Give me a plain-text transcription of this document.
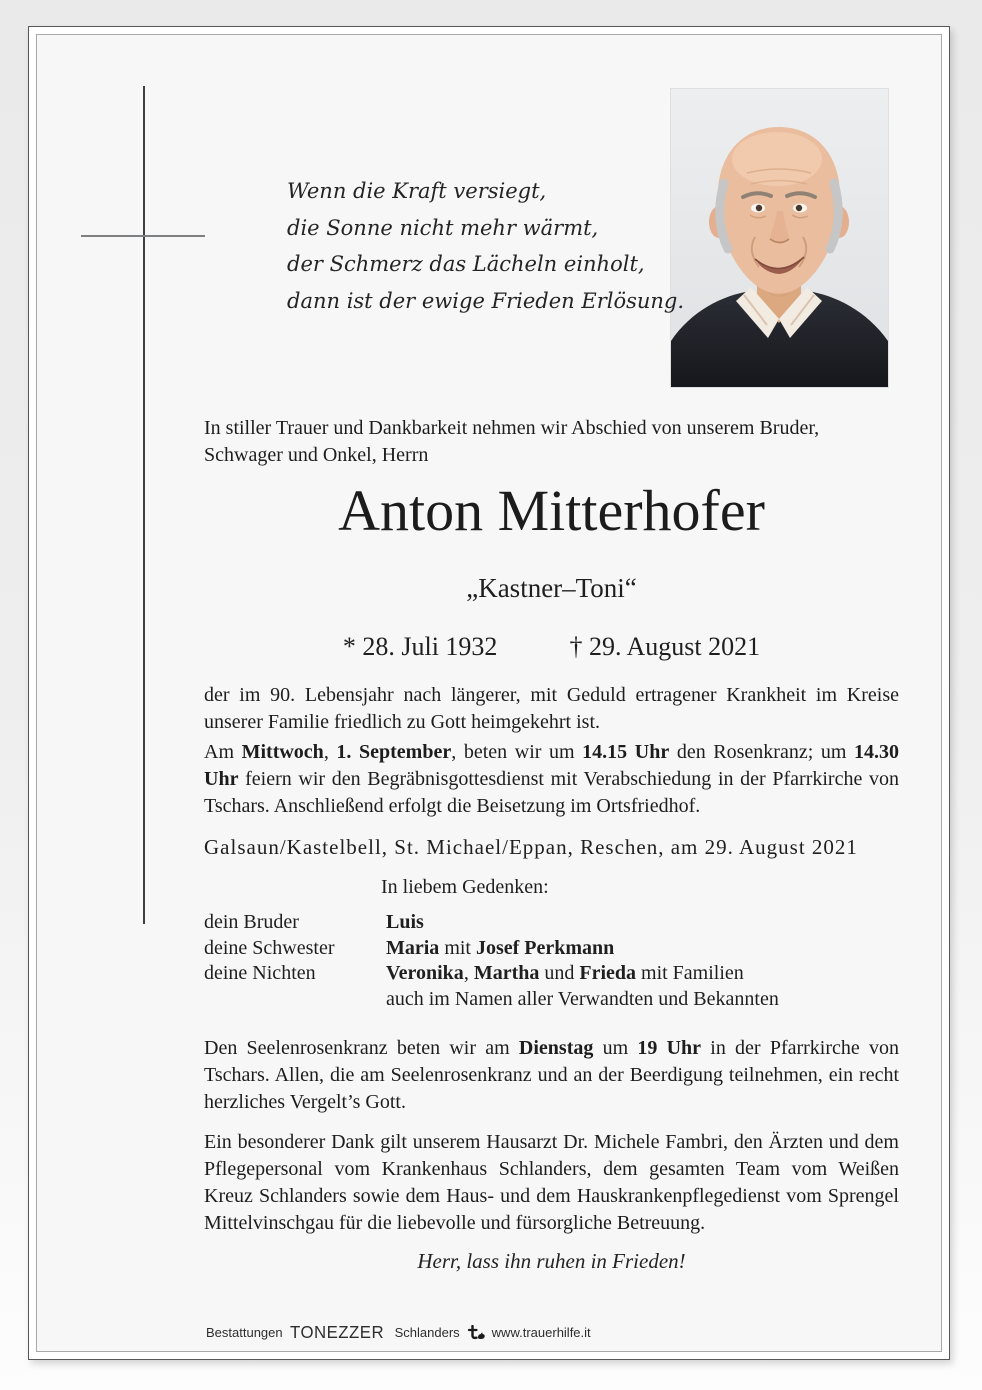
Wenn die Kraft versiegt,
die Sonne nicht mehr wärmt,
der Schmerz das Lächeln einholt,
dann ist der ewige Frieden Erlösung.
In stiller Trauer und Dankbarkeit nehmen wir Abschied von unserem Bruder, Schwager und Onkel, Herrn
Anton Mitterhofer
„Kastner–Toni“
* 28. Juli 1932	† 29. August 2021
der im 90. Lebensjahr nach längerer, mit Geduld ertragener Krankheit im Kreise unserer Familie friedlich zu Gott heimgekehrt ist.
Am Mittwoch, 1. September, beten wir um 14.15 Uhr den Rosenkranz; um 14.30 Uhr feiern wir den Begräbnisgottesdienst mit Verabschiedung in der Pfarrkirche von Tschars. Anschließend erfolgt die Beisetzung im Ortsfriedhof.
Galsaun/Kastelbell, St. Michael/Eppan, Reschen, am 29. August 2021
In liebem Gedenken:
dein Bruder	Luis
deine Schwester	Maria mit Josef Perkmann
deine Nichten	Veronika, Martha und Frieda mit Familien
auch im Namen aller Verwandten und Bekannten
Den Seelenrosenkranz beten wir am Dienstag um 19 Uhr in der Pfarrkirche von Tschars. Allen, die am Seelenrosenkranz und an der Beerdigung teilnehmen, ein recht herzliches Vergelt’s Gott.
Ein besonderer Dank gilt unserem Hausarzt Dr. Michele Fambri, den Ärzten und dem Pflegepersonal vom Krankenhaus Schlanders, dem gesamten Team vom Weißen Kreuz Schlanders sowie dem Haus- und dem Hauskrankenpflegedienst vom Sprengel Mittelvinschgau für die liebevolle und fürsorgliche Betreuung.
Herr, lass ihn ruhen in Frieden!
Bestattungen TONEZZER Schlanders www.trauerhilfe.it
